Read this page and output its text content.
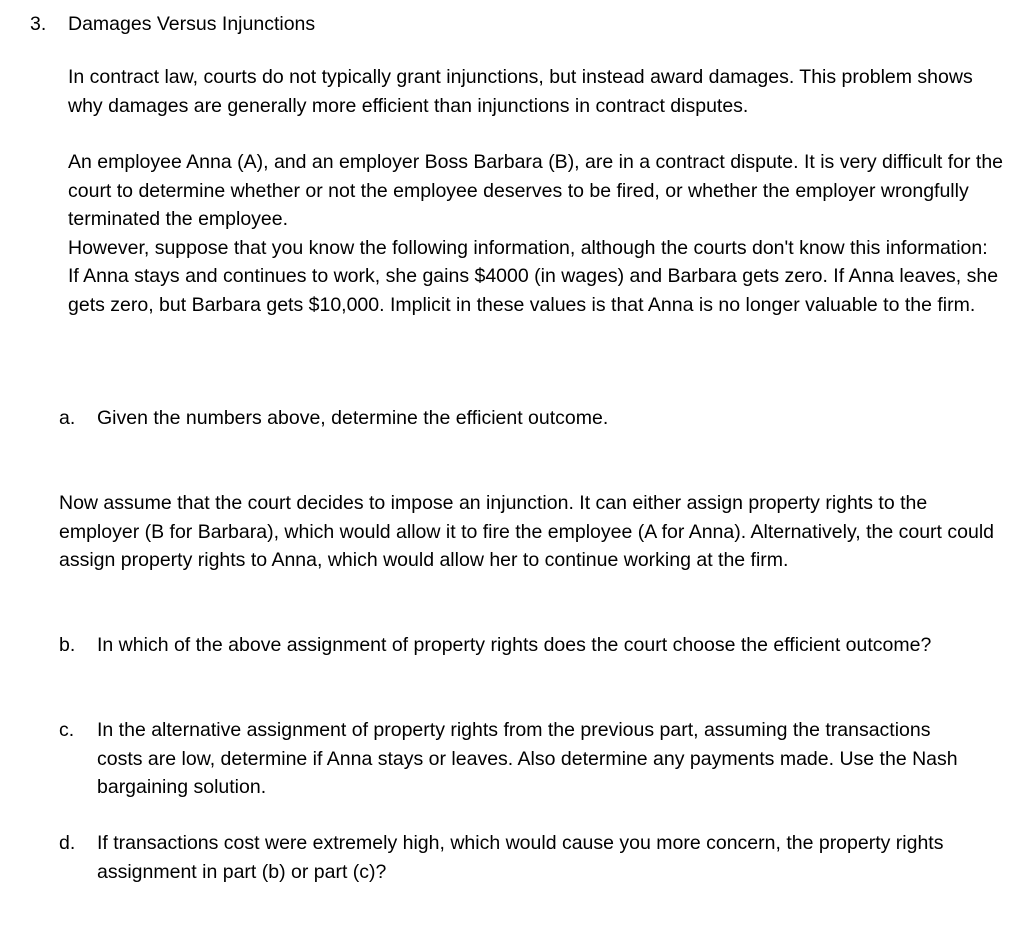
3. Damages Versus Injunctions

In contract law, courts do not typically grant injunctions, but instead award damages. This problem shows why damages are generally more efficient than injunctions in contract disputes.

An employee Anna (A), and an employer Boss Barbara (B), are in a contract dispute. It is very difficult for the court to determine whether or not the employee deserves to be fired, or whether the employer wrongfully terminated the employee.

However, suppose that you know the following information, although the courts don't know this information:

If Anna stays and continues to work, she gains $4000 (in wages) and Barbara gets zero. If Anna leaves, she gets zero, but Barbara gets $10,000. Implicit in these values is that Anna is no longer valuable to the firm.

a. Given the numbers above, determine the efficient outcome.

Now assume that the court decides to impose an injunction. It can either assign property rights to the employer (B for Barbara), which would allow it to fire the employee (A for Anna). Alternatively, the court could assign property rights to Anna, which would allow her to continue working at the firm.

b. In which of the above assignment of property rights does the court choose the efficient outcome?
c. In the alternative assignment of property rights from the previous part, assuming the transactions costs are low, determine if Anna stays or leaves. Also determine any payments made. Use the Nash bargaining solution.
d. If transactions cost were extremely high, which would cause you more concern, the property rights assignment in part (b) or part (c)?
